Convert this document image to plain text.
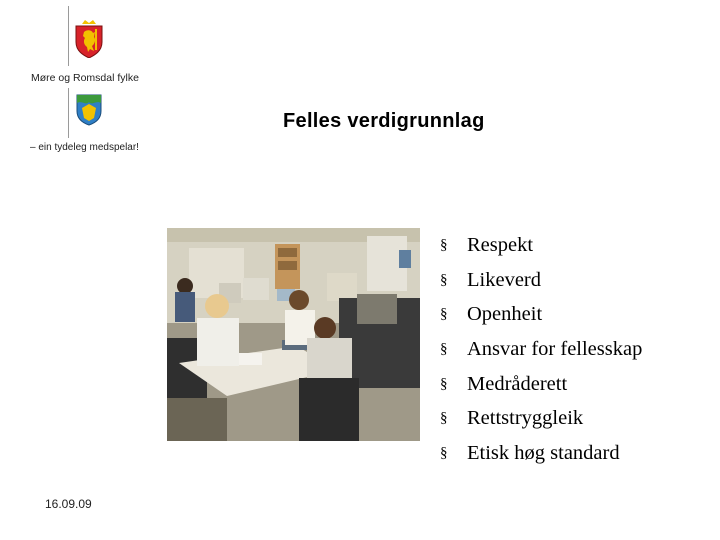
Møre og Romsdal fylke
– ein tydeleg medspelar!
Felles verdigrunnlag
§ Respekt
§ Likeverd
§ Openheit
§ Ansvar for fellesskap
§ Medråderett
§ Rettstryggleik
§ Etisk høg standard
16.09.09
